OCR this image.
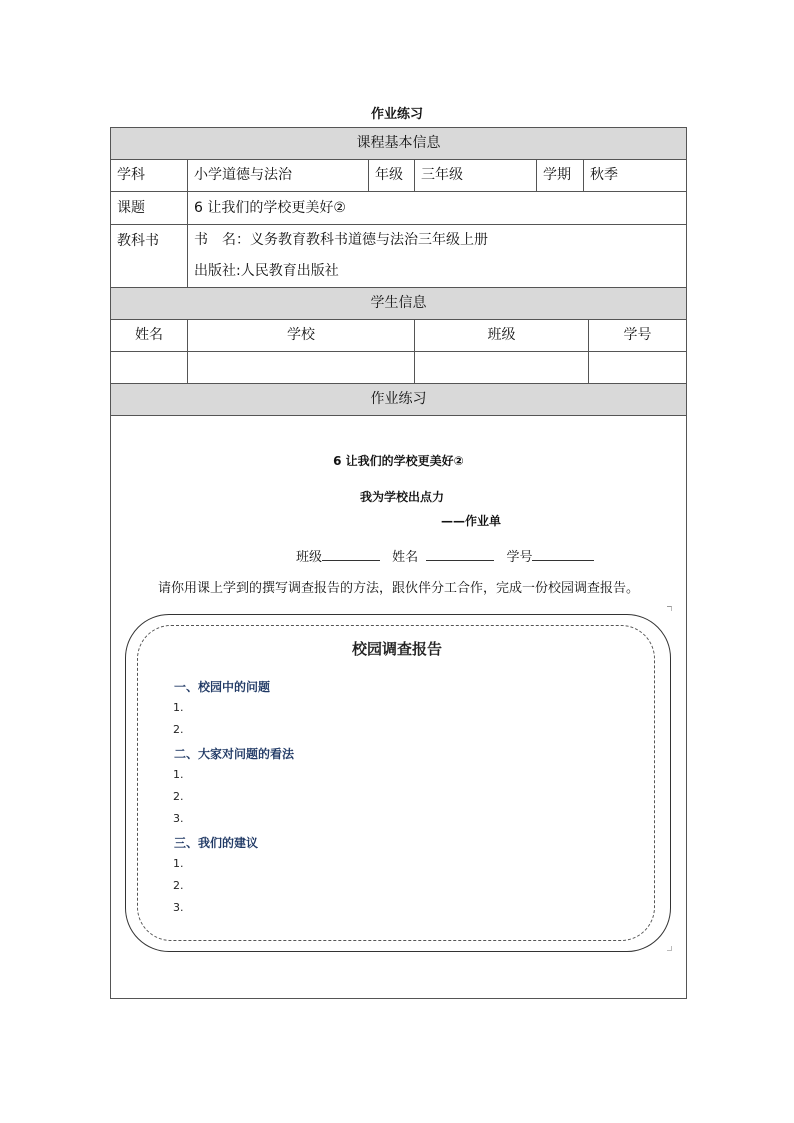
作业练习
课程基本信息
学科	小学道德与法治	年级	三年级	学期	秋季
课题	6 让我们的学校更美好②
教科书	书　名：义务教育教科书道德与法治三年级上册
出版社:人民教育出版社
学生信息
姓名	学校	班级	学号
作业练习
6 让我们的学校更美好②
我为学校出点力
——作业单
班级	姓名	学号
请你用课上学到的撰写调查报告的方法，跟伙伴分工合作，完成一份校园调查报告。
校园调查报告
一、校园中的问题
1.
2.
二、大家对问题的看法
1.
2.
3.
三、我们的建议
1.
2.
3.
